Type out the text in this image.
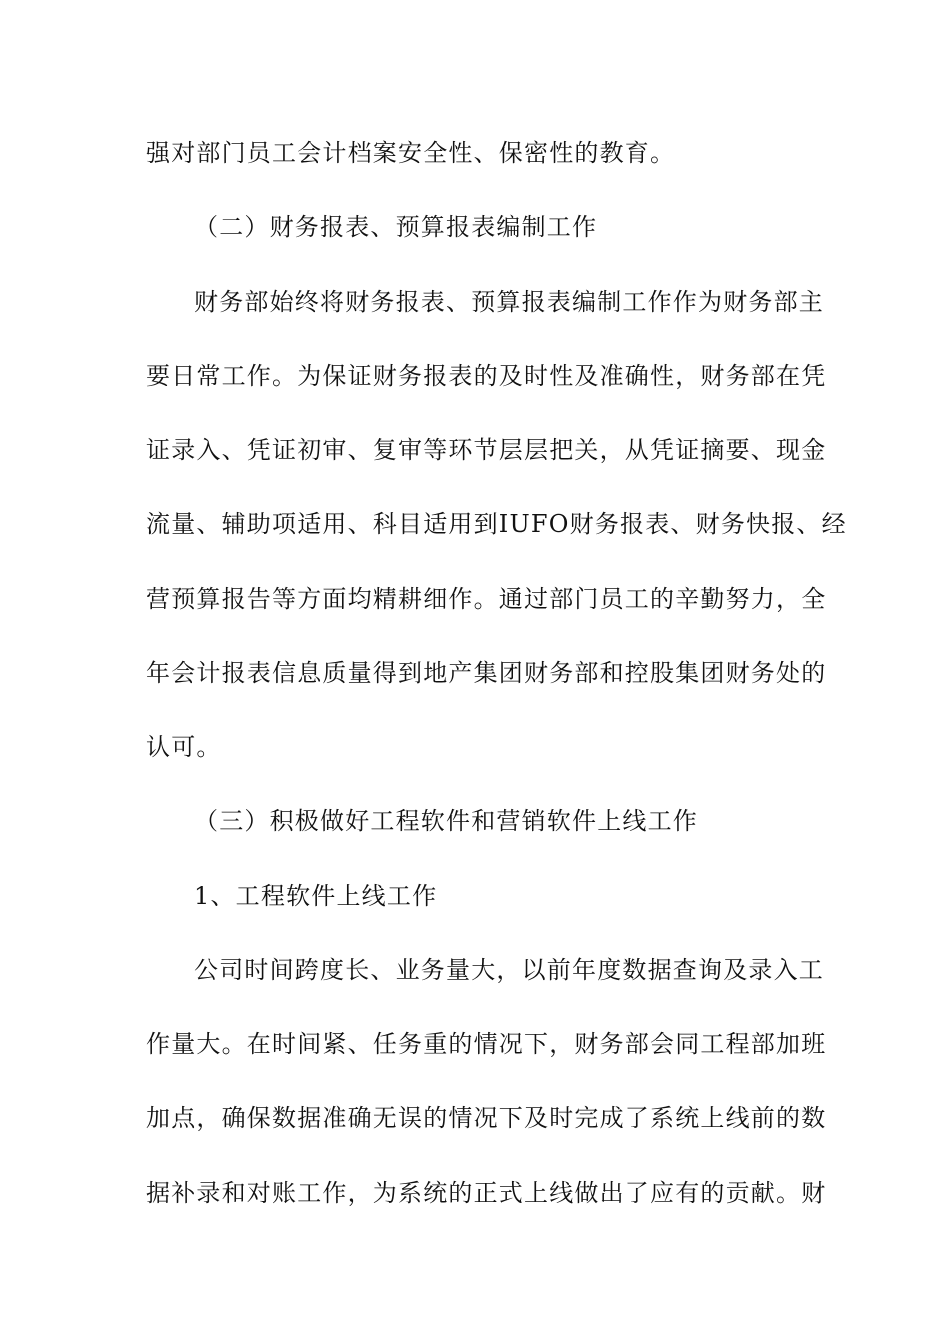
强对部门员工会计档案安全性、保密性的教育。
（二）财务报表、预算报表编制工作
财务部始终将财务报表、预算报表编制工作作为财务部主
要日常工作。为保证财务报表的及时性及准确性，财务部在凭
证录入、凭证初审、复审等环节层层把关，从凭证摘要、现金
流量、辅助项适用、科目适用到IUFO财务报表、财务快报、经
营预算报告等方面均精耕细作。通过部门员工的辛勤努力，全
年会计报表信息质量得到地产集团财务部和控股集团财务处的
认可。
（三）积极做好工程软件和营销软件上线工作
1、工程软件上线工作
公司时间跨度长、业务量大，以前年度数据查询及录入工
作量大。在时间紧、任务重的情况下，财务部会同工程部加班
加点，确保数据准确无误的情况下及时完成了系统上线前的数
据补录和对账工作，为系统的正式上线做出了应有的贡献。财
